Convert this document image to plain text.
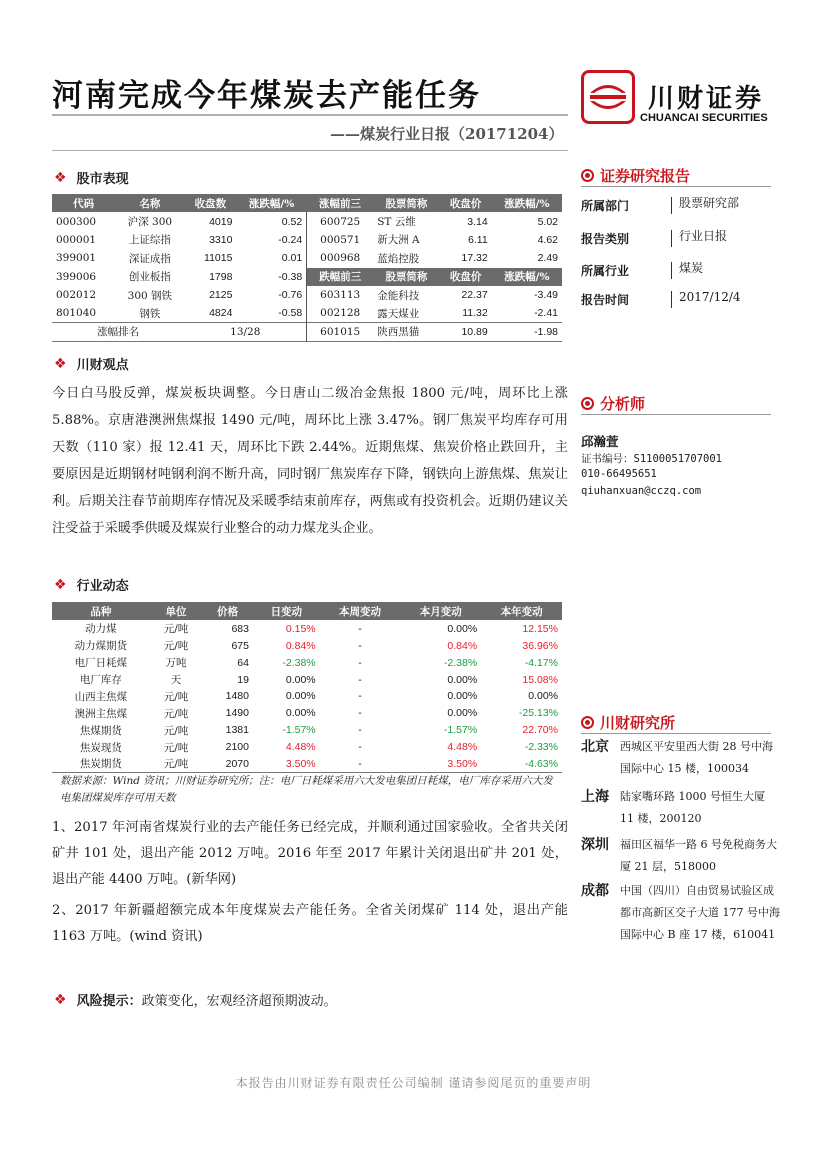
河南完成今年煤炭去产能任务
——煤炭行业日报（20171204）
川财证券
CHUANCAI SECURITIES
❖ 股市表现
代码	名称	收盘数	涨跌幅/%	涨幅前三	股票简称	收盘价	涨跌幅/%
000300	沪深 300	4019	0.52	600725	ST 云维	3.14	5.02
000001	上证综指	3310	-0.24	000571	新大洲 A	6.11	4.62
399001	深证成指	11015	0.01	000968	蓝焰控股	17.32	2.49
399006	创业板指	1798	-0.38	跌幅前三	股票简称	收盘价	涨跌幅/%
002012	300 钢铁	2125	-0.76	603113	金能科技	22.37	-3.49
801040	钢铁	4824	-0.58	002128	露天煤业	11.32	-2.41
涨幅排名		13/28		601015	陕西黑猫	10.89	-1.98
❖ 川财观点
今日白马股反弹，煤炭板块调整。今日唐山二级冶金焦报 1800 元/吨，周环比上涨 5.88%。京唐港澳洲焦煤报 1490 元/吨，周环比上涨 3.47%。钢厂焦炭平均库存可用天数（110 家）报 12.41 天，周环比下跌 2.44%。近期焦煤、焦炭价格止跌回升，主要原因是近期钢材吨钢利润不断升高，同时钢厂焦炭库存下降，钢铁向上游焦煤、焦炭让利。后期关注春节前期库存情况及采暖季结束前库存，两焦或有投资机会。近期仍建议关注受益于采暖季供暖及煤炭行业整合的动力煤龙头企业。
❖ 行业动态
品种	单位	价格	日变动	本周变动	本月变动	本年变动
动力煤	元/吨	683	0.15%	-	0.00%	12.15%
动力煤期货	元/吨	675	0.84%	-	0.84%	36.96%
电厂日耗煤	万吨	64	-2.38%	-	-2.38%	-4.17%
电厂库存	天	19	0.00%	-	0.00%	15.08%
山西主焦煤	元/吨	1480	0.00%	-	0.00%	0.00%
澳洲主焦煤	元/吨	1490	0.00%	-	0.00%	-25.13%
焦煤期货	元/吨	1381	-1.57%	-	-1.57%	22.70%
焦炭现货	元/吨	2100	4.48%	-	4.48%	-2.33%
焦炭期货	元/吨	2070	3.50%	-	3.50%	-4.63%
数据来源：Wind 资讯；川财证券研究所；注：电厂日耗煤采用六大发电集团日耗煤，电厂库存采用六大发电集团煤炭库存可用天数
1、2017 年河南省煤炭行业的去产能任务已经完成，并顺利通过国家验收。全省共关闭矿井 101 处，退出产能 2012 万吨。2016 年至 2017 年累计关闭退出矿井 201 处，退出产能 4400 万吨。(新华网)
2、2017 年新疆超额完成本年度煤炭去产能任务。全省关闭煤矿 114 处，退出产能 1163 万吨。(wind 资讯)
❖ 风险提示：政策变化，宏观经济超预期波动。
证券研究报告
所属部门	股票研究部
报告类别	行业日报
所属行业	煤炭
报告时间	2017/12/4
分析师
邱瀚萱
证书编号：S1100051707001
010-66495651
qiuhanxuan@cczq.com
川财研究所
北京	西城区平安里西大街 28 号中海国际中心 15 楼，100034
上海	陆家嘴环路 1000 号恒生大厦 11 楼，200120
深圳	福田区福华一路 6 号免税商务大厦 21 层，518000
成都	中国（四川）自由贸易试验区成都市高新区交子大道 177 号中海国际中心 B 座 17 楼，610041
本报告由川财证券有限责任公司编制 谨请参阅尾页的重要声明
